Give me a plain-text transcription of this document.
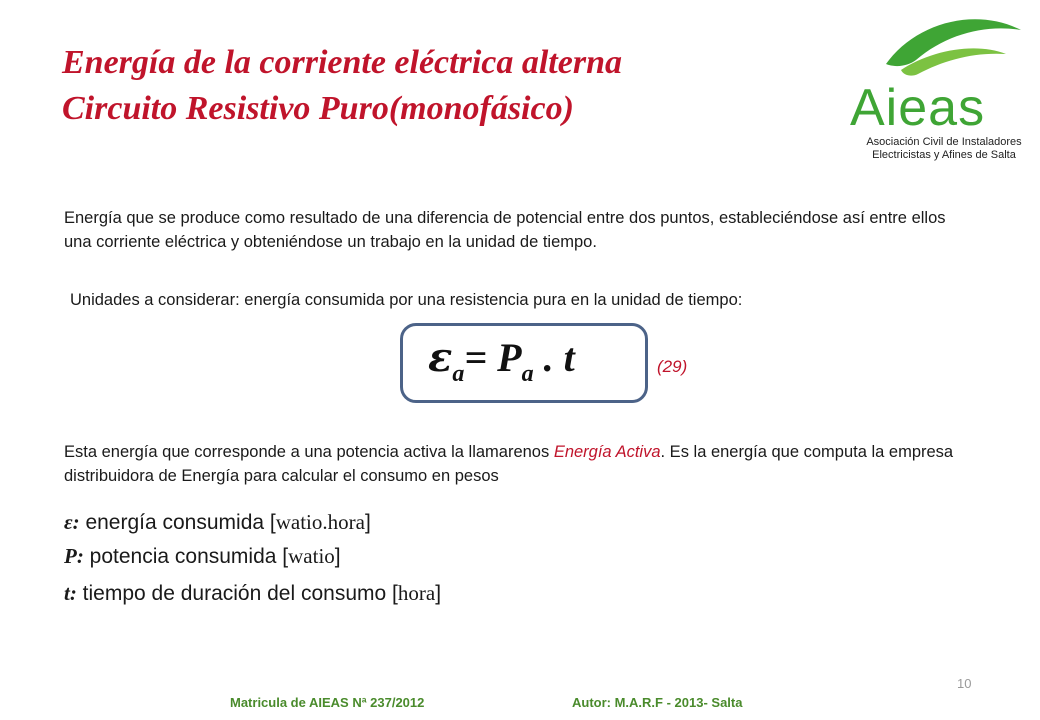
Energía de la corriente eléctrica alterna
Circuito Resistivo Puro(monofásico)	Aieas
Asociación Civil de Instaladores
Electricistas y Afines de Salta
Energía que se produce como resultado de una diferencia de potencial entre dos puntos, estableciéndose así entre ellos una corriente eléctrica y obteniéndose un trabajo en la unidad de tiempo.
Unidades a considerar: energía consumida por una resistencia pura en la unidad de tiempo:
$\varepsilon_a= P_a$ . t	(29)
Esta energía que corresponde a una potencia activa la llamarenos Energía Activa. Es la energía que computa la empresa distribuidora de Energía para calcular el consumo en pesos
ε: energía consumida [watio.hora]
P: potencia consumida [watio]
t: tiempo de duración del consumo [hora]
10
Matricula de AIEAS Nª 237/2012	Autor: M.A.R.F - 2013- Salta
